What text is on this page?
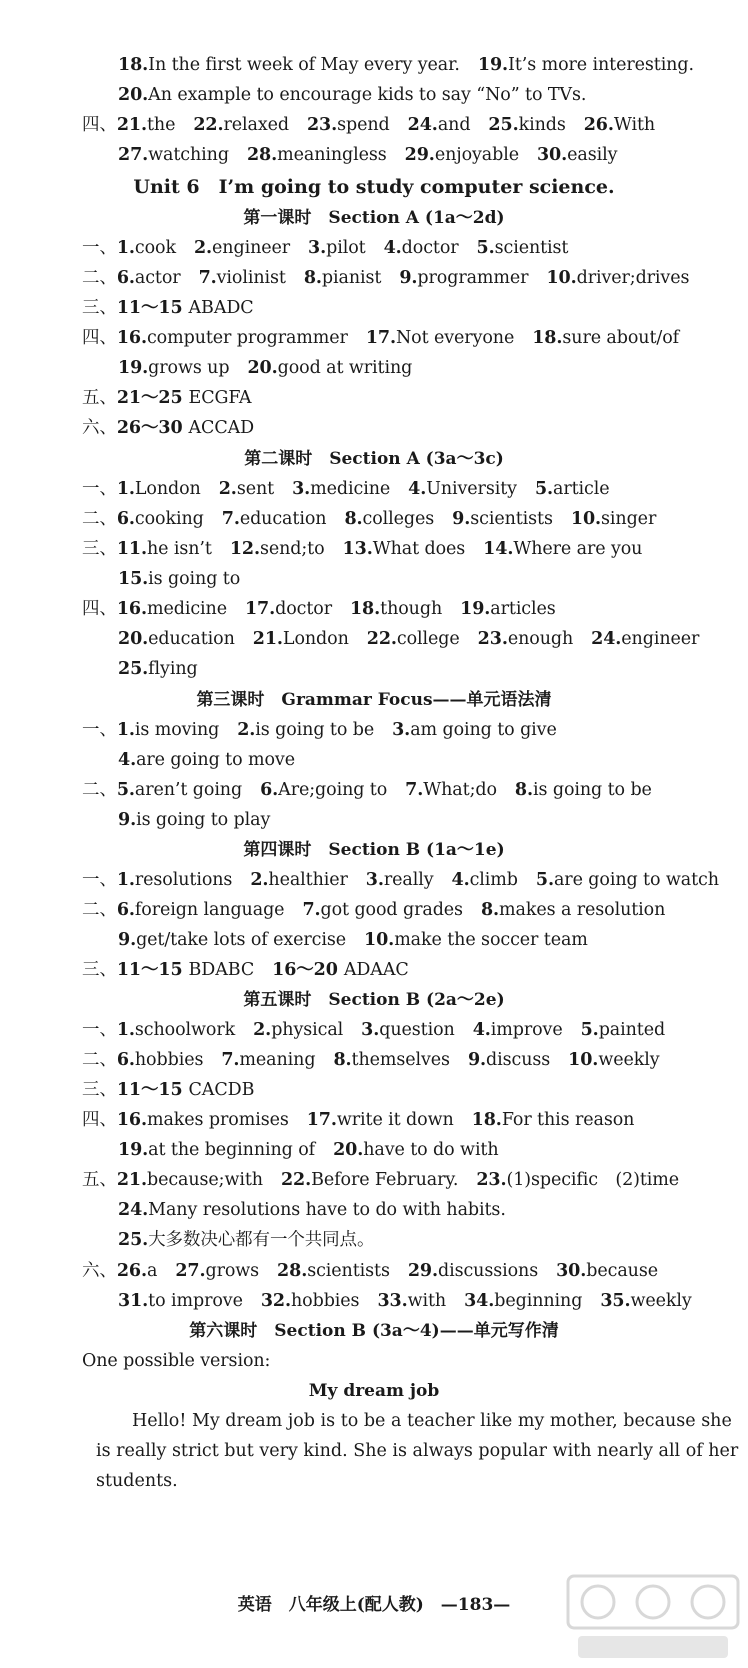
18.In the first week of May every year. 19.It’s more interesting.
20.An example to encourage kids to say “No” to TVs.
四、21.the 22.relaxed 23.spend 24.and 25.kinds 26.With
27.watching 28.meaningless 29.enjoyable 30.easily
一、1.cook 2.engineer 3.pilot 4.doctor 5.scientist
二、6.actor 7.violinist 8.pianist 9.programmer 10.driver;drives
三、11～15 ABADC
四、16.computer programmer 17.Not everyone 18.sure about/of
19.grows up 20.good at writing
五、21～25 ECGFA
六、26～30 ACCAD
一、1.London 2.sent 3.medicine 4.University 5.article
二、6.cooking 7.education 8.colleges 9.scientists 10.singer
三、11.he isn’t 12.send;to 13.What does 14.Where are you
15.is going to
四、16.medicine 17.doctor 18.though 19.articles
20.education 21.London 22.college 23.enough 24.engineer
25.flying
一、1.is moving 2.is going to be 3.am going to give
4.are going to move
二、5.aren’t going 6.Are;going to 7.What;do 8.is going to be
9.is going to play
一、1.resolutions 2.healthier 3.really 4.climb 5.are going to watch
二、6.foreign language 7.got good grades 8.makes a resolution
9.get/take lots of exercise 10.make the soccer team
三、11～15 BDABC 16～20 ADAAC
一、1.schoolwork 2.physical 3.question 4.improve 5.painted
二、6.hobbies 7.meaning 8.themselves 9.discuss 10.weekly
三、11～15 CACDB
四、16.makes promises 17.write it down 18.For this reason
19.at the beginning of 20.have to do with
五、21.because;with 22.Before February. 23.(1)specific　(2)time
24.Many resolutions have to do with habits.
25.大多数决心都有一个共同点。
六、26.a 27.grows 28.scientists 29.discussions 30.because
31.to improve 32.hobbies 33.with 34.beginning 35.weekly
One possible version:
Unit 6　I’m going to study computer science.
第一课时　Section A (1a～2d)
第二课时　Section A (3a～3c)
第三课时　Grammar Focus——单元语法清
第四课时　Section B (1a～1e)
第五课时　Section B (2a～2e)
第六课时　Section B (3a～4)——单元写作清
My dream job

Hello! My dream job is to be a teacher like my mother, because she is really strict but very kind. She is always popular with nearly all of her students.

英语　八年级上(配人教)　—183—
